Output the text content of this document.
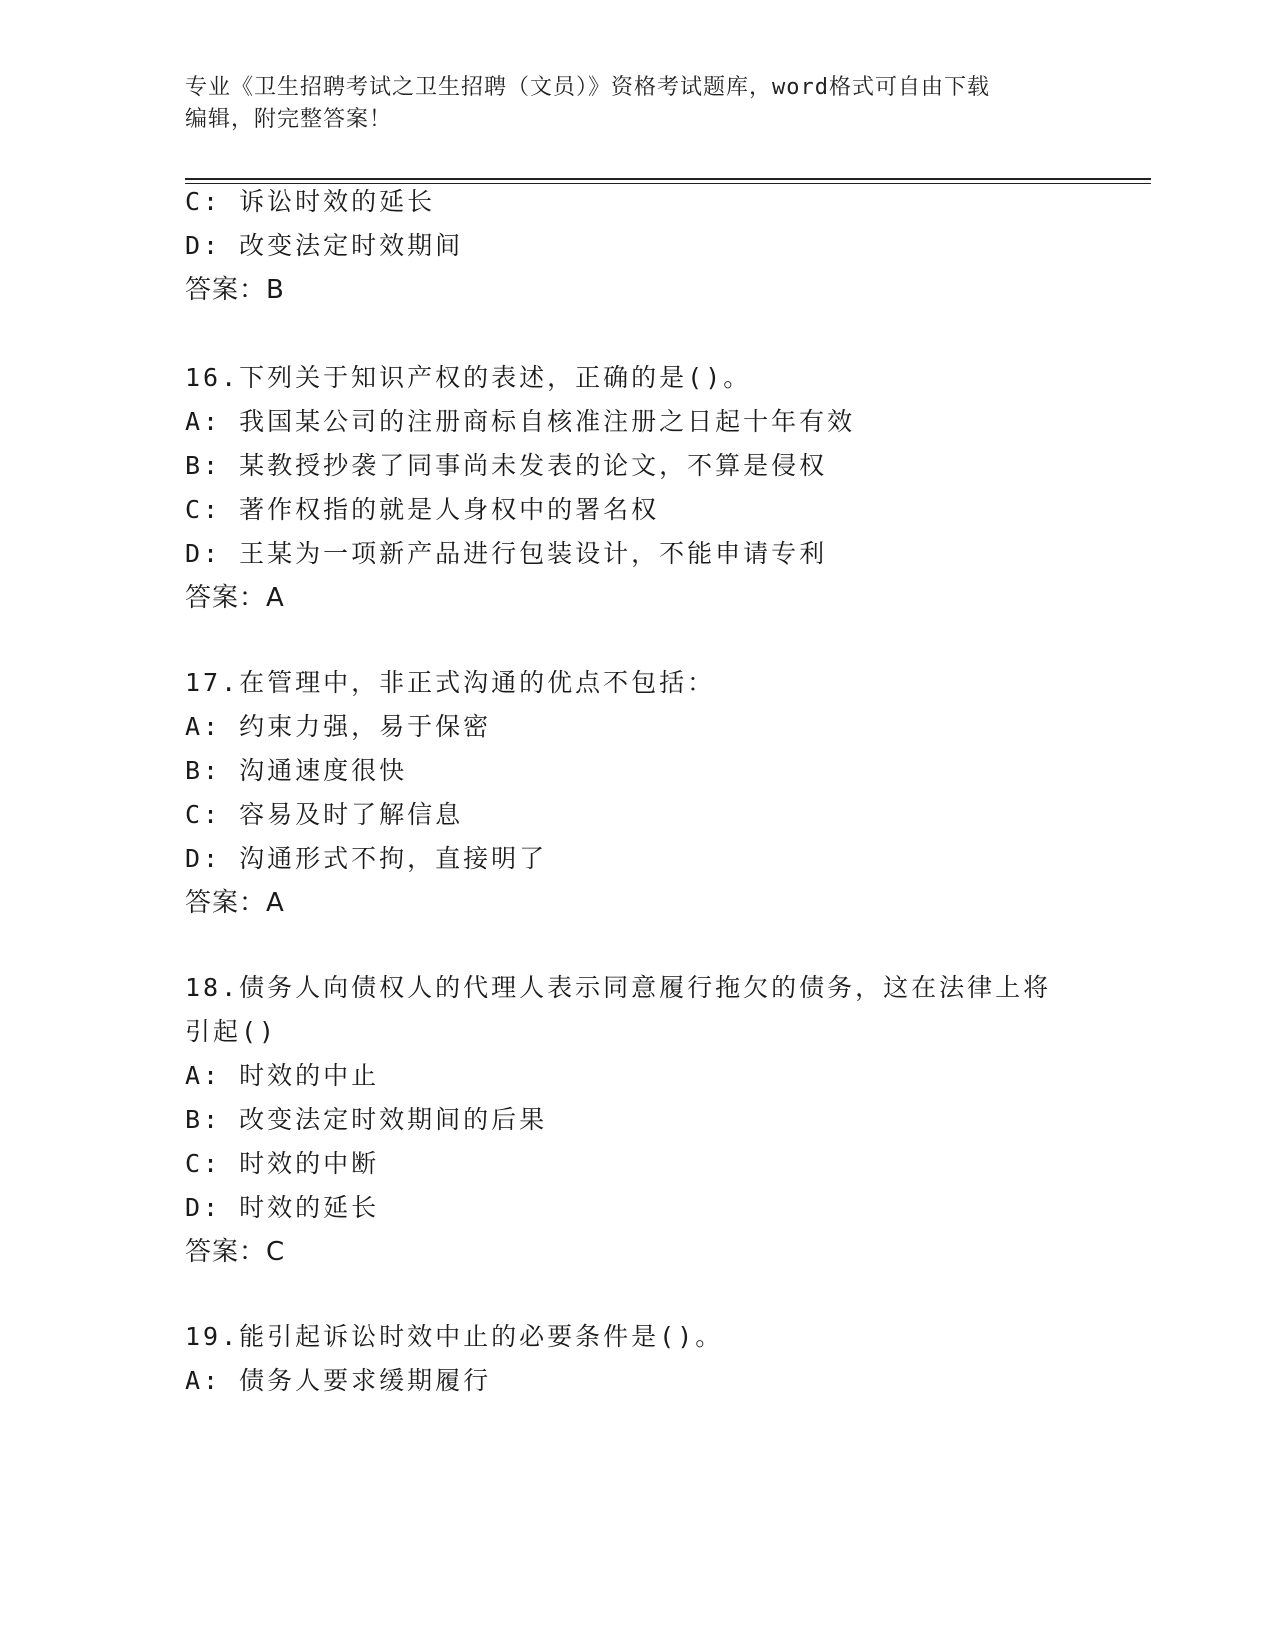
专业《卫生招聘考试之卫生招聘（文员）》资格考试题库，word格式可自由下载
编辑，附完整答案！
C: 诉讼时效的延长
D: 改变法定时效期间
答案：B
16.下列关于知识产权的表述，正确的是()。
A: 我国某公司的注册商标自核准注册之日起十年有效
B: 某教授抄袭了同事尚未发表的论文，不算是侵权
C: 著作权指的就是人身权中的署名权
D: 王某为一项新产品进行包装设计，不能申请专利
答案：A
17.在管理中，非正式沟通的优点不包括：
A: 约束力强，易于保密
B: 沟通速度很快
C: 容易及时了解信息
D: 沟通形式不拘，直接明了
答案：A
18.债务人向债权人的代理人表示同意履行拖欠的债务，这在法律上将
引起()
A: 时效的中止
B: 改变法定时效期间的后果
C: 时效的中断
D: 时效的延长
答案：C
19.能引起诉讼时效中止的必要条件是()。
A: 债务人要求缓期履行
